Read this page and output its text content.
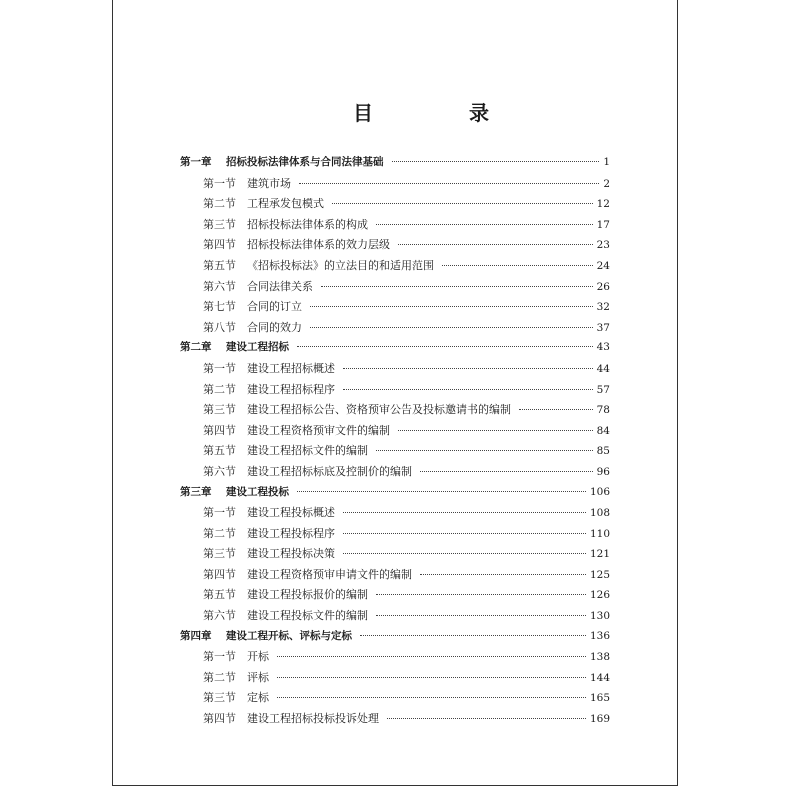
目　录
第一章	招标投标法律体系与合同法律基础	1
第一节	建筑市场	2
第二节	工程承发包模式	12
第三节	招标投标法律体系的构成	17
第四节	招标投标法律体系的效力层级	23
第五节	《招标投标法》的立法目的和适用范围	24
第六节	合同法律关系	26
第七节	合同的订立	32
第八节	合同的效力	37
第二章	建设工程招标	43
第一节	建设工程招标概述	44
第二节	建设工程招标程序	57
第三节	建设工程招标公告、资格预审公告及投标邀请书的编制	78
第四节	建设工程资格预审文件的编制	84
第五节	建设工程招标文件的编制	85
第六节	建设工程招标标底及控制价的编制	96
第三章	建设工程投标	106
第一节	建设工程投标概述	108
第二节	建设工程投标程序	110
第三节	建设工程投标决策	121
第四节	建设工程资格预审申请文件的编制	125
第五节	建设工程投标报价的编制	126
第六节	建设工程投标文件的编制	130
第四章	建设工程开标、评标与定标	136
第一节	开标	138
第二节	评标	144
第三节	定标	165
第四节	建设工程招标投标投诉处理	169
